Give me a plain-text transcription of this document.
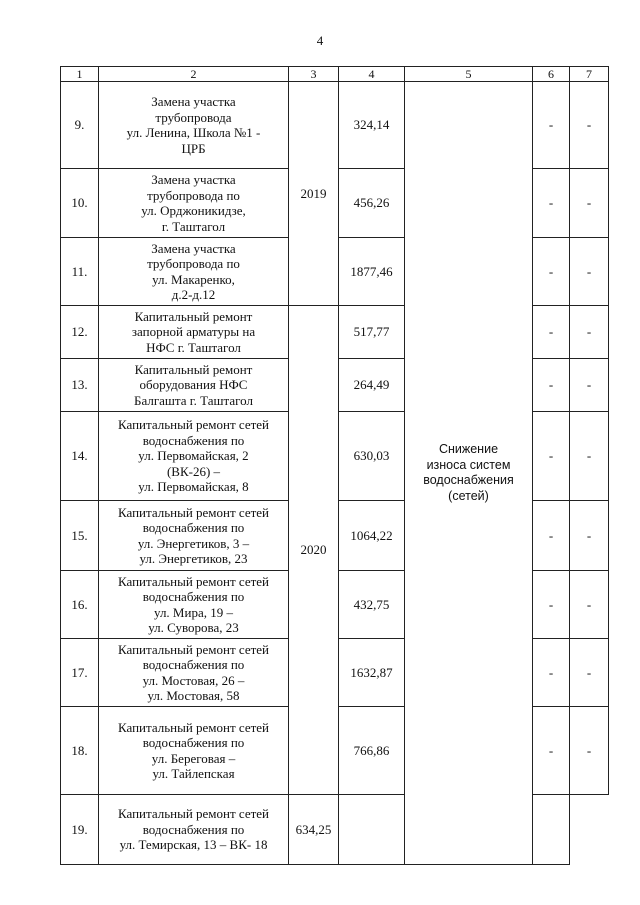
4
1	2	3	4	5	6	7
9.	Замена участка
трубопровода
ул. Ленина, Школа №1 -
ЦРБ	2019	324,14	Снижение
износа систем
водоснабжения
(сетей)	-	-
10.	Замена участка
трубопровода по
ул. Орджоникидзе,
г. Таштагол		456,26		-	-
11.	Замена участка
трубопровода по
ул. Макаренко,
д.2-д.12		1877,46		-	-
12.	Капитальный ремонт
запорной арматуры на
НФС г. Таштагол	2020	517,77		-	-
13.	Капитальный ремонт
оборудования НФС
Балгашта г. Таштагол		264,49		-	-
14.	Капитальный ремонт сетей
водоснабжения по
ул. Первомайская, 2
(ВК-26) –
ул. Первомайская, 8		630,03		-	-
15.	Капитальный ремонт сетей
водоснабжения по
ул. Энергетиков, 3 –
ул. Энергетиков, 23		1064,22		-	-
16.	Капитальный ремонт сетей
водоснабжения по
ул. Мира, 19 –
ул. Суворова, 23		432,75		-	-
17.	Капитальный ремонт сетей
водоснабжения по
ул. Мостовая, 26 –
ул. Мостовая, 58		1632,87		-	-
18.	Капитальный ремонт сетей
водоснабжения по
ул. Береговая –
ул. Тайлепская		766,86		-	-
19.	Капитальный ремонт сетей
водоснабжения по
ул. Темирская, 13 – ВК- 18	634,25				
